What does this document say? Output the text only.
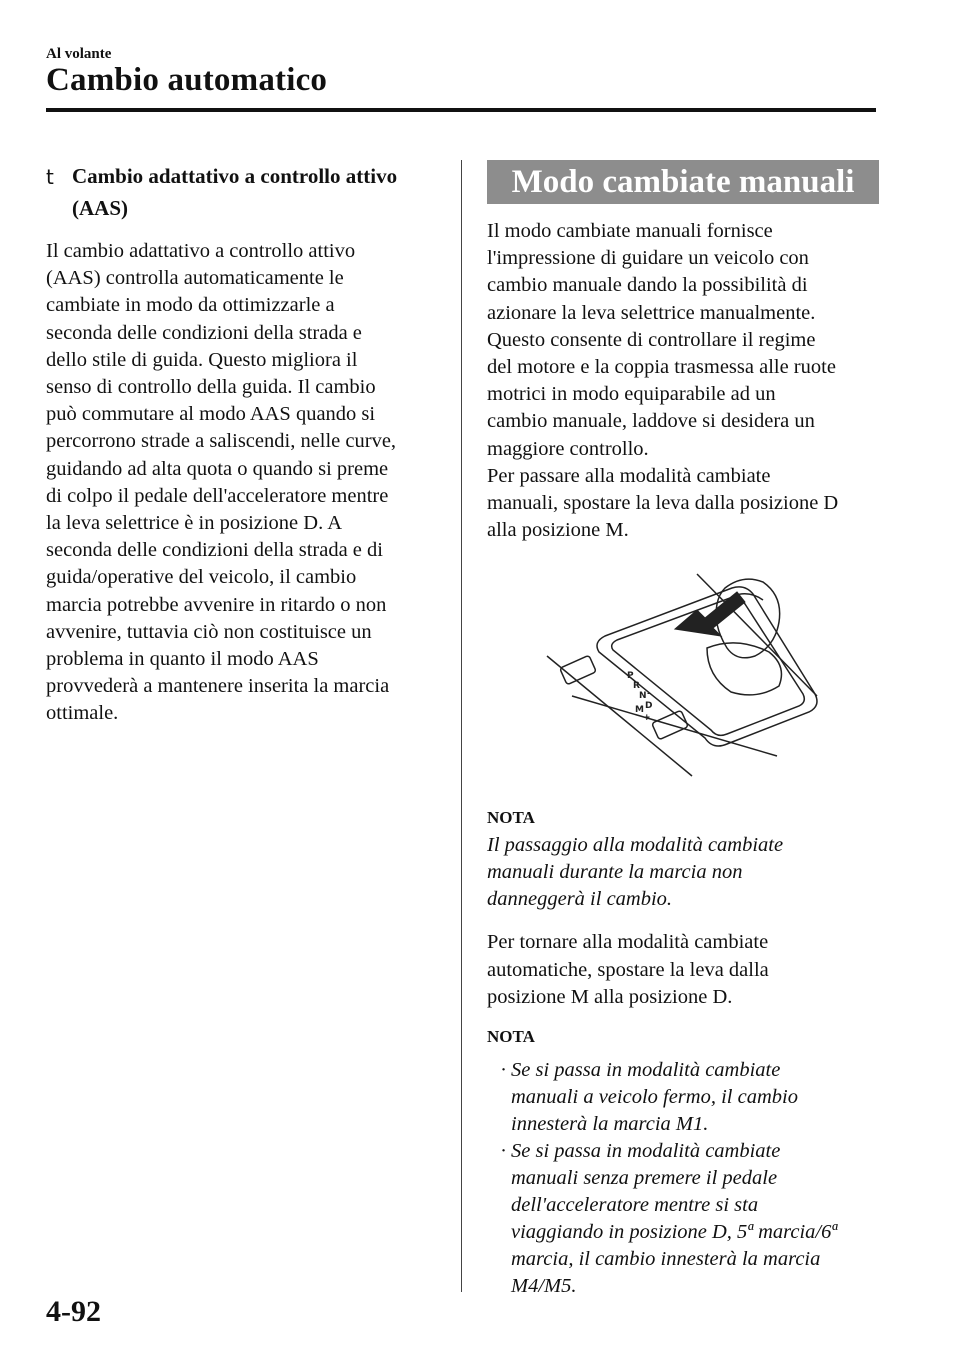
Al volante
Cambio automatico
t Cambio adattativo a controllo attivo
(AAS)

Il cambio adattativo a controllo attivo
(AAS) controlla automaticamente le
cambiate in modo da ottimizzarle a
seconda delle condizioni della strada e
dello stile di guida. Questo migliora il
senso di controllo della guida. Il cambio
può commutare al modo AAS quando si
percorrono strade a saliscendi, nelle curve,
guidando ad alta quota o quando si preme
di colpo il pedale dell'acceleratore mentre
la leva selettrice è in posizione D. A
seconda delle condizioni della strada e di
guida/operative del veicolo, il cambio
marcia potrebbe avvenire in ritardo o non
avvenire, tuttavia ciò non costituisce un
problema in quanto il modo AAS
provvederà a mantenere inserita la marcia
ottimale.

Modo cambiate manuali

Il modo cambiate manuali fornisce
l'impressione di guidare un veicolo con
cambio manuale dando la possibilità di
azionare la leva selettrice manualmente.
Questo consente di controllare il regime
del motore e la coppia trasmessa alle ruote
motrici in modo equiparabile ad un
cambio manuale, laddove si desidera un
maggiore controllo.
Per passare alla modalità cambiate
manuali, spostare la leva dalla posizione D
alla posizione M.

P
R
N
D
M
-
+
NOTA
Il passaggio alla modalità cambiate
manuali durante la marcia non
danneggerà il cambio.

Per tornare alla modalità cambiate
automatiche, spostare la leva dalla
posizione M alla posizione D.

NOTA
· Se si passa in modalità cambiate
manuali a veicolo fermo, il cambio
innesterà la marcia M1.
· Se si passa in modalità cambiate
manuali senza premere il pedale
dell'acceleratore mentre si sta
viaggiando in posizione D, 5ª marcia/6ª
marcia, il cambio innesterà la marcia
M4/M5.
4-92
